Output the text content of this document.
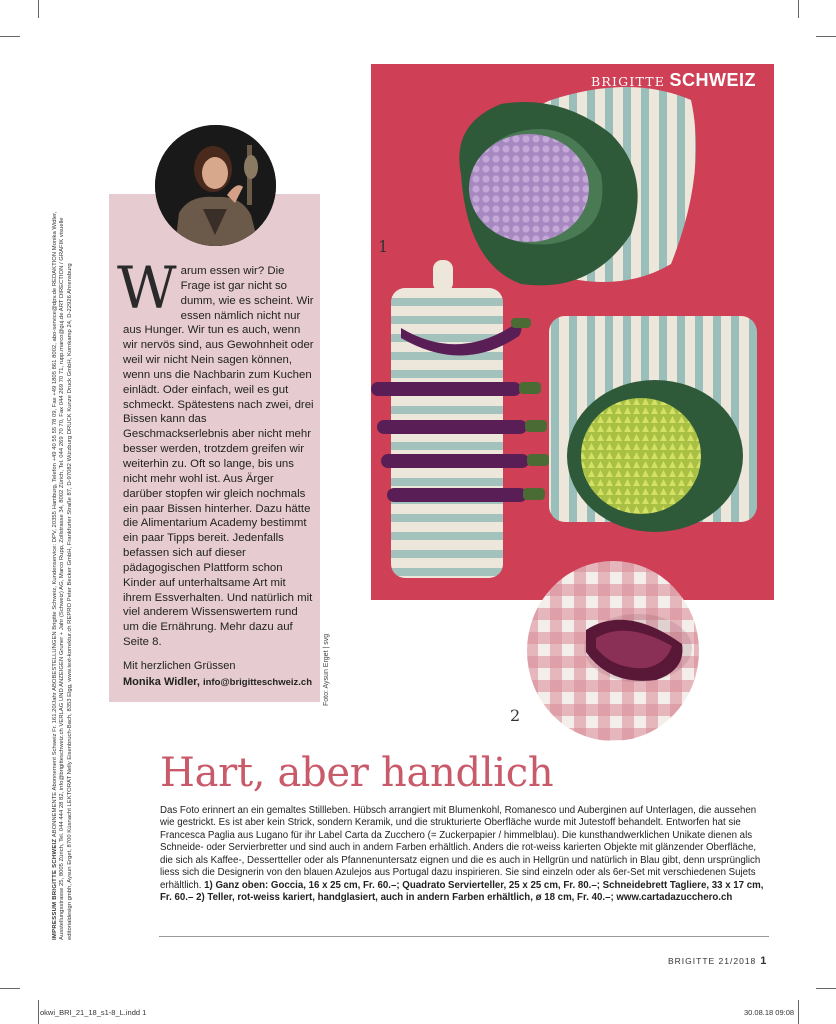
IMPRESSUM BRIGITTE SCHWEIZ ABONNEMENTE Abonnement Schweiz Fr. 161.20/Jahr ABOBESTELLUNGEN Brigitte Schweiz, Kundenservice: DPV, 20355 Hamburg, Telefon +49 40 55 55 78 09, Fax +49 1805 861 8002, abo-service@dpv.de REDAKTION Monika Widler, Ausstellungsstrasse 25, 8005 Zürich, Tel. 044 444 28 82, info@brigitteschweiz.ch VERLAG UND ANZEIGEN Gruner + Jahr (Schweiz) AG, Marco Rupp, Zollstrasse 34, 8002 Zürich, Tel. 044 269 70 70, Fax 044 269 70 71, rupp.marco@guj.de ART DIRECTION / GRAFIK visuelle editorialdesign gmbh, Aysun Erget, 8700 Küsnacht LEKTORAT Nelly Eisenbruch-Bach, 8353 Elgg, www.text-korrektur.ch REPRO Peter Becker GmbH, Frankfurter Straße 87, D-97082 Würzburg DRUCK Kunze Druck GmbH, Kornkamp 24, D-22926 Ahrensburg Warum essen wir? Die Frage ist gar nicht so dumm, wie es scheint. Wir essen nämlich nicht nur aus Hunger. Wir tun es auch, wenn wir nervös sind, aus Gewohnheit oder weil wir nicht Nein sagen können, wenn uns die Nachbarin zum Kuchen einlädt. Oder einfach, weil es gut schmeckt. Spätestens nach zwei, drei Bissen kann das Geschmackserlebnis aber nicht mehr besser werden, trotzdem greifen wir weiterhin zu. Oft so lange, bis uns nicht mehr wohl ist. Aus Ärger darüber stopfen wir gleich nochmals ein paar Bissen hinterher. Dazu hätte die Alimentarium Academy bestimmt ein paar Tipps bereit. Jedenfalls befassen sich auf dieser pädagogischen Plattform schon Kinder auf unterhaltsame Art mit ihrem Essverhalten. Und natürlich mit viel anderem Wissenswertem rund um die Ernährung. Mehr dazu auf Seite 8.
Mit herzlichen Grüssen
Monika Widler, info@brigitteschweiz.ch Foto: Aysun Erget | svg
BRIGITTE SCHWEIZ
1
2
Hart, aber handlich
Das Foto erinnert an ein gemaltes Stillleben. Hübsch arrangiert mit Blumenkohl, Romanesco und Auberginen auf Unterlagen, die aussehen wie gestrickt. Es ist aber kein Strick, sondern Keramik, und die strukturierte Oberfläche wurde mit Jutestoff behandelt. Entworfen hat sie Francesca Paglia aus Lugano für ihr Label Carta da Zucchero (= Zuckerpapier / himmelblau). Die kunsthandwerklichen Unikate dienen als Schneide- oder Servierbretter und sind auch in andern Farben erhältlich. Anders die rot-weiss karierten Objekte mit glänzender Oberfläche, die sich als Kaffee-, Dessertteller oder als Pfannenuntersatz eignen und die es auch in Hellgrün und natürlich in Blau gibt, denn ursprünglich liess sich die Designerin von den blauen Azulejos aus Portugal dazu inspirieren. Sie sind einzeln oder als 6er-Set mit verschiedenen Sujets erhältlich. 1) Ganz oben: Goccia, 16 x 25 cm, Fr. 60.–; Quadrato Servierteller, 25 x 25 cm, Fr. 80.–; Schneidebrett Tagliere, 33 x 17 cm, Fr. 60.– 2) Teller, rot-weiss kariert, handglasiert, auch in andern Farben erhältlich, ø 18 cm, Fr. 40.–; www.cartadazucchero.ch
BRIGITTE 21/2018 1
okwi_BRI_21_18_s1-8_L.indd 1	30.08.18 09:08
